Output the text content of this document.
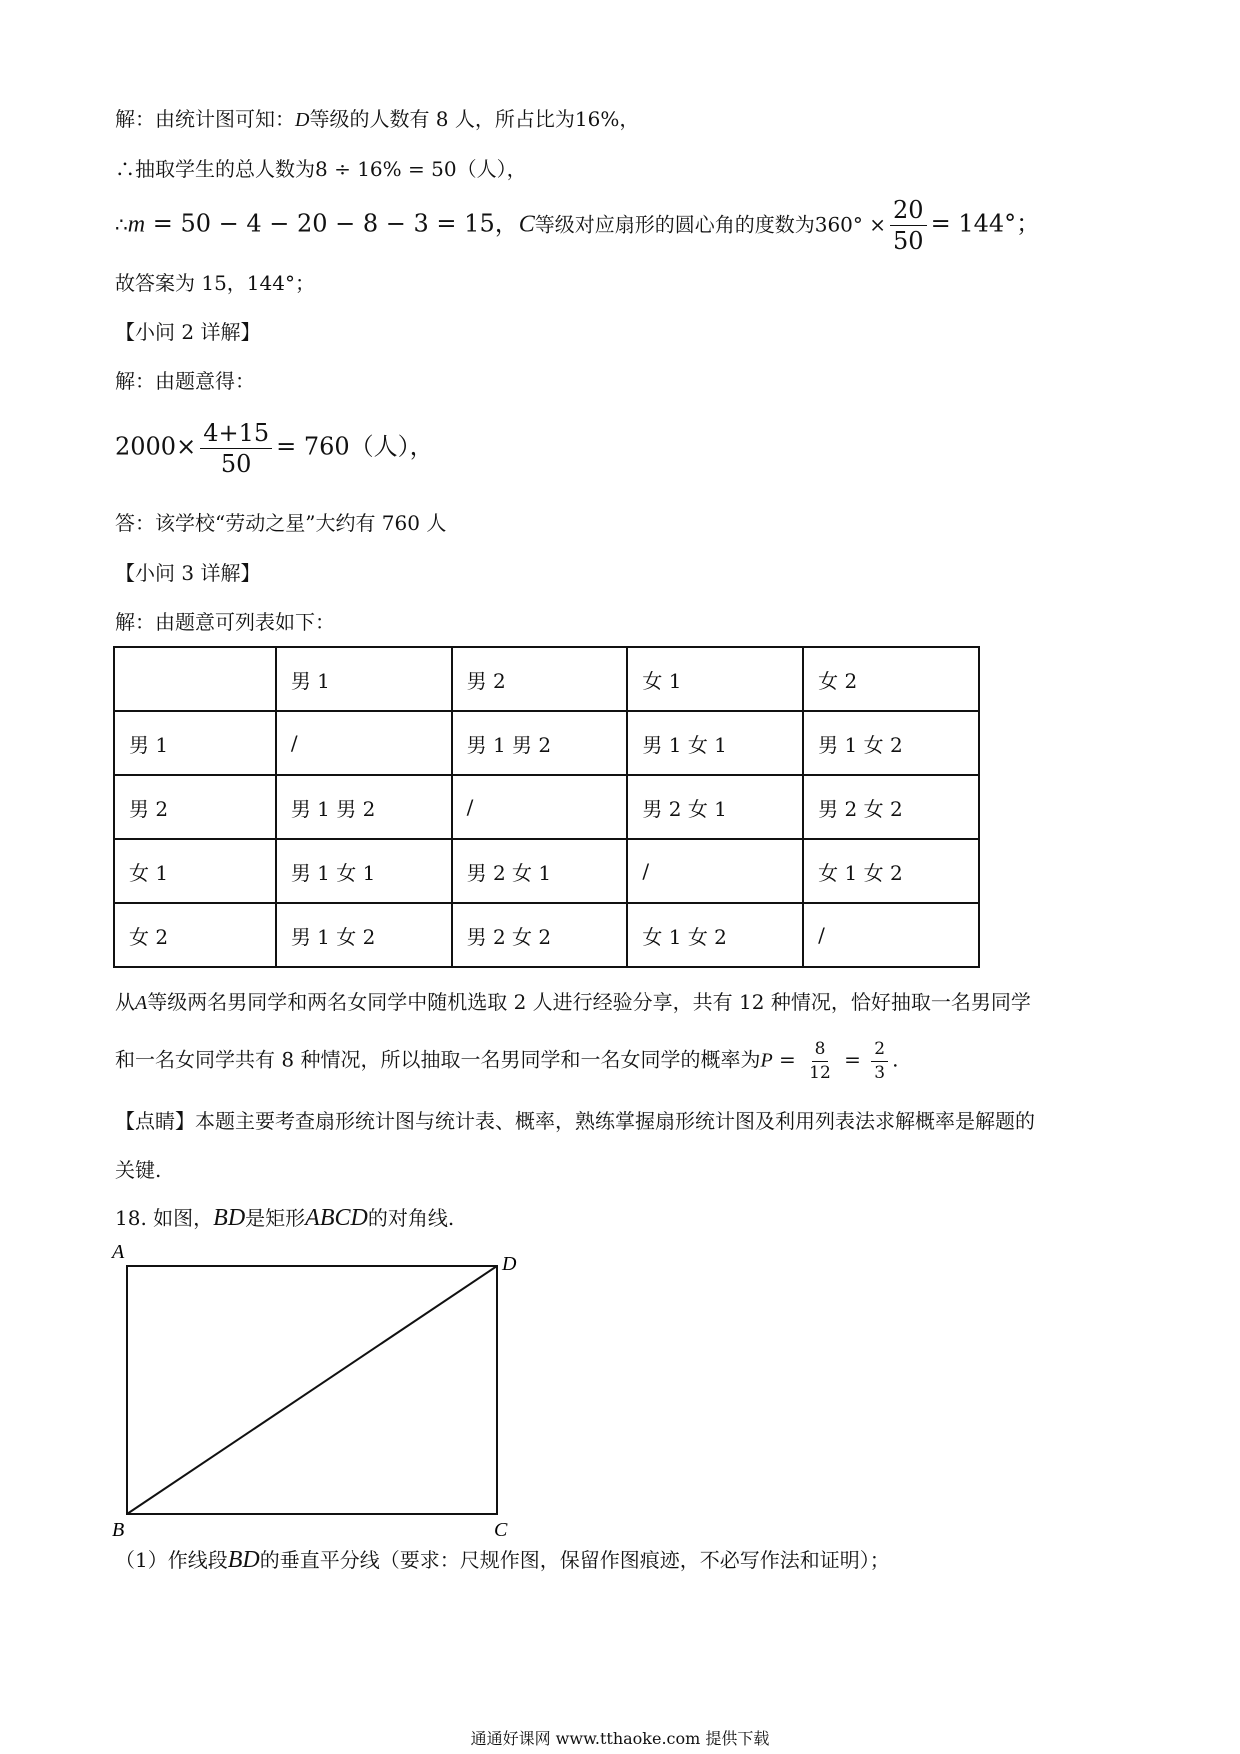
解：由统计图可知：D等级的人数有 8 人，所占比为16%，
∴抽取学生的总人数为8 ÷ 16% = 50（人），
∴m = 50 − 4 − 20 − 8 − 3 = 15，C等级对应扇形的圆心角的度数为$360^\circ \times \frac{20}{50} = 144^\circ$；
故答案为 15，144°；
【小问 2 详解】
解：由题意得：
$2000\times \frac{4+15}{50} = 760$（人），
答：该学校“劳动之星”大约有 760 人
【小问 3 详解】
解：由题意可列表如下：
	男 1	男 2	女 1	女 2
男 1	/	男 1 男 2	男 1 女 1	男 1 女 2
男 2	男 1 男 2	/	男 2 女 1	男 2 女 2
女 1	男 1 女 1	男 2 女 1	/	女 1 女 2
女 2	男 1 女 2	男 2 女 2	女 1 女 2	/
从A等级两名男同学和两名女同学中随机选取 2 人进行经验分享，共有 12 种情况，恰好抽取一名男同学
和一名女同学共有 8 种情况，所以抽取一名男同学和一名女同学的概率为$P = \frac{8}{12} = \frac{2}{3}$ .
【点睛】本题主要考查扇形统计图与统计表、概率，熟练掌握扇形统计图及利用列表法求解概率是解题的
关键.
18. 如图，BD是矩形ABCD的对角线.
A
B	C
D
（1）作线段BD的垂直平分线（要求：尺规作图，保留作图痕迹，不必写作法和证明）；
通通好课网 www.tthaoke.com 提供下载
